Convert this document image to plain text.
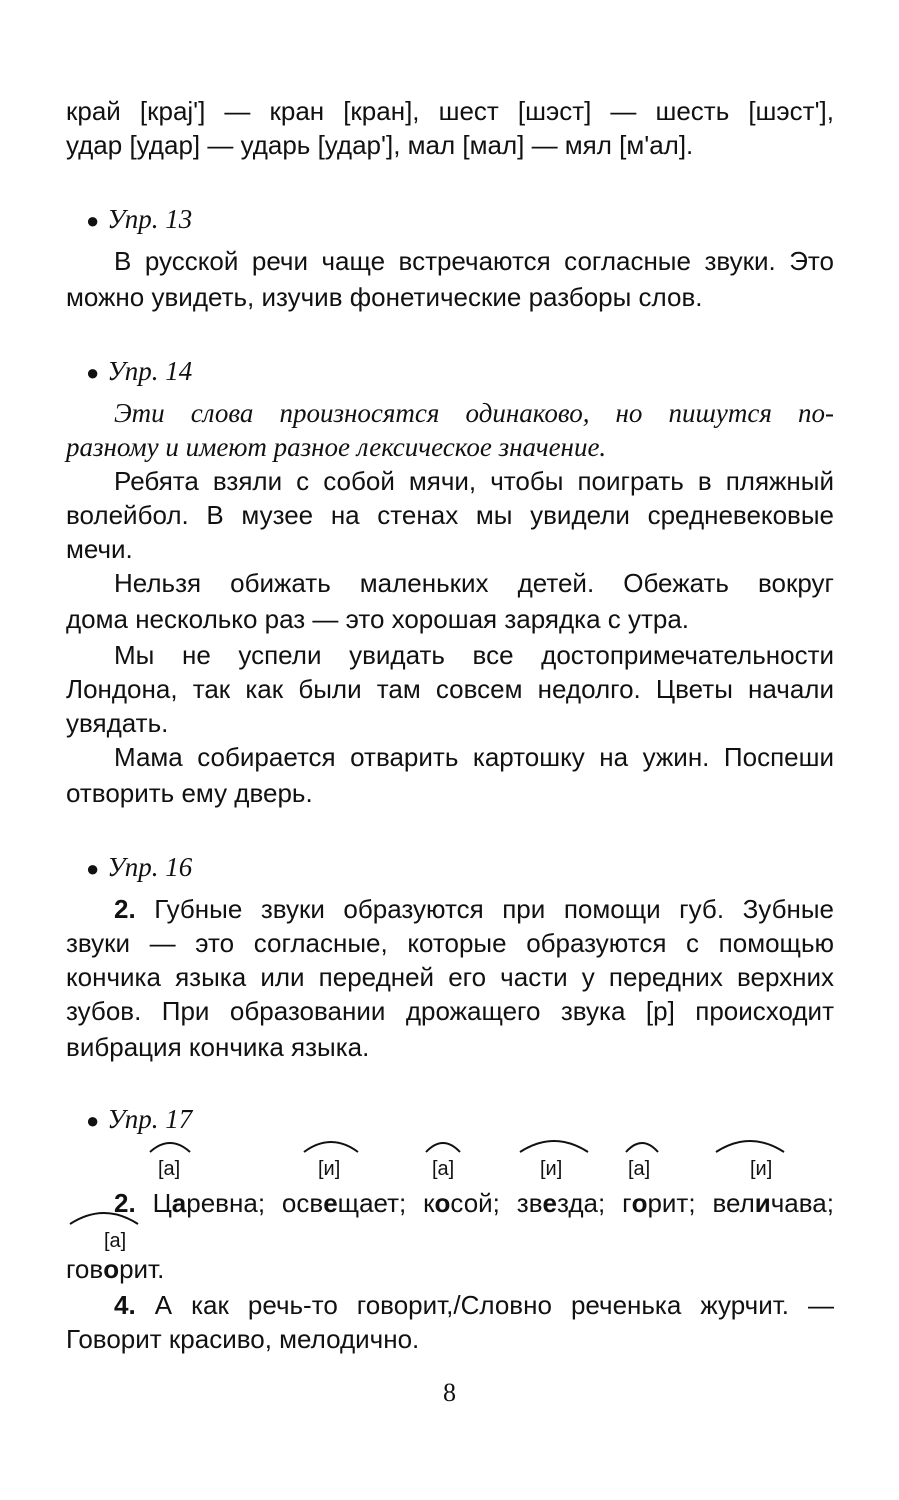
край [кpaj'] — кран [кран], шест [шэст] — шесть [шэст'],
удар [удар] — ударь [удар'], мал [мал] — мял [м'ал].
● Упр. 13
В русской речи чаще встречаются согласные звуки. Это
можно увидеть, изучив фонетические разборы слов.
● Упр. 14
Эти слова произносятся одинаково, но пишутся по-
разному и имеют разное лексическое значение.
Ребята взяли с собой мячи, чтобы поиграть в пляжный
волейбол. В музее на стенах мы увидели средневековые
мечи.
Нельзя обижать маленьких детей. Обежать вокруг
дома несколько раз — это хорошая зарядка с утра.
Мы не успели увидать все достопримечательности
Лондона, так как были там совсем недолго. Цветы начали
увядать.
Мама собирается отварить картошку на ужин. Поспеши
отворить ему дверь.
● Упр. 16
2. Губные звуки образуются при помощи губ. Зубные
звуки — это согласные, которые образуются с помощью
кончика языка или передней его части у передних верхних
зубов. При образовании дрожащего звука [р] происходит
вибрация кончика языка.
● Упр. 17
[а]	[и]	[а]	[и]	[а]	[и]
[а]
2. Царевна; освещает; косой; звезда; горит; величава;
говорит.
4. А как речь-то говорит,/Словно реченька журчит. —
Говорит красиво, мелодично.
8
